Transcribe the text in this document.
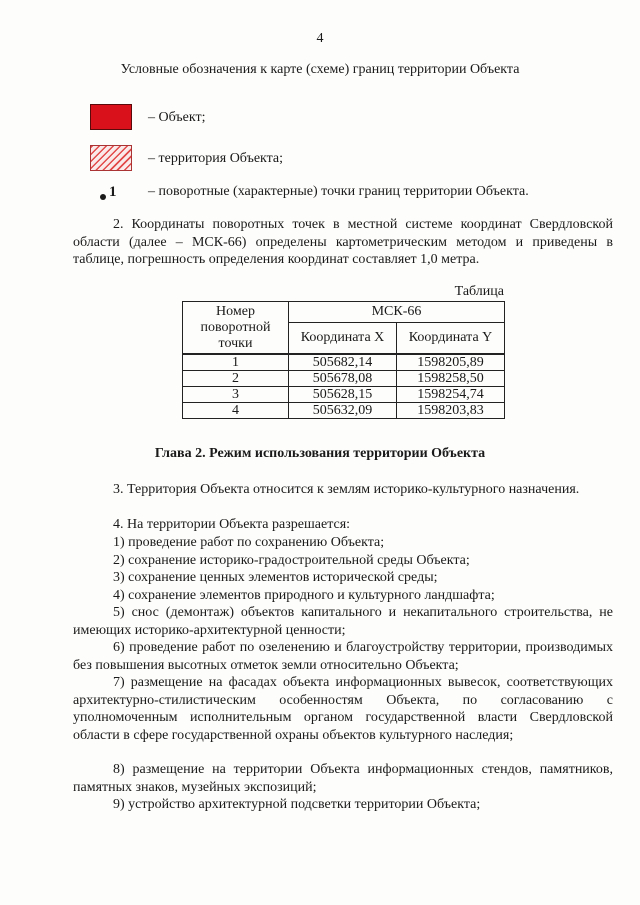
4
Условные обозначения к карте (схеме) границ территории Объекта
– Объект;
– территория Объекта;
1 – поворотные (характерные) точки границ территории Объекта.
2. Координаты поворотных точек в местной системе координат Свердловской области (далее – МСК-66) определены картометрическим методом и приведены в таблице, погрешность определения координат составляет 1,0 метра.
Таблица
Номер поворотной точки	МСК-66	
	Координата X	Координата Y
1	505682,14	1598205,89
2	505678,08	1598258,50
3	505628,15	1598254,74
4	505632,09	1598203,83
Глава 2. Режим использования территории Объекта
3. Территория Объекта относится к землям историко-культурного назначения.
4. На территории Объекта разрешается:
1) проведение работ по сохранению Объекта;
2) сохранение историко-градостроительной среды Объекта;
3) сохранение ценных элементов исторической среды;
4) сохранение элементов природного и культурного ландшафта;
5) снос (демонтаж) объектов капитального и некапитального строительства, не имеющих историко-архитектурной ценности;
6) проведение работ по озеленению и благоустройству территории, производимых без повышения высотных отметок земли относительно Объекта;
7) размещение на фасадах объекта информационных вывесок, соответствующих архитектурно-стилистическим особенностям Объекта, по согласованию с уполномоченным исполнительным органом государственной власти Свердловской области в сфере государственной охраны объектов культурного наследия;
8) размещение на территории Объекта информационных стендов, памятников, памятных знаков, музейных экспозиций;
9) устройство архитектурной подсветки территории Объекта;
